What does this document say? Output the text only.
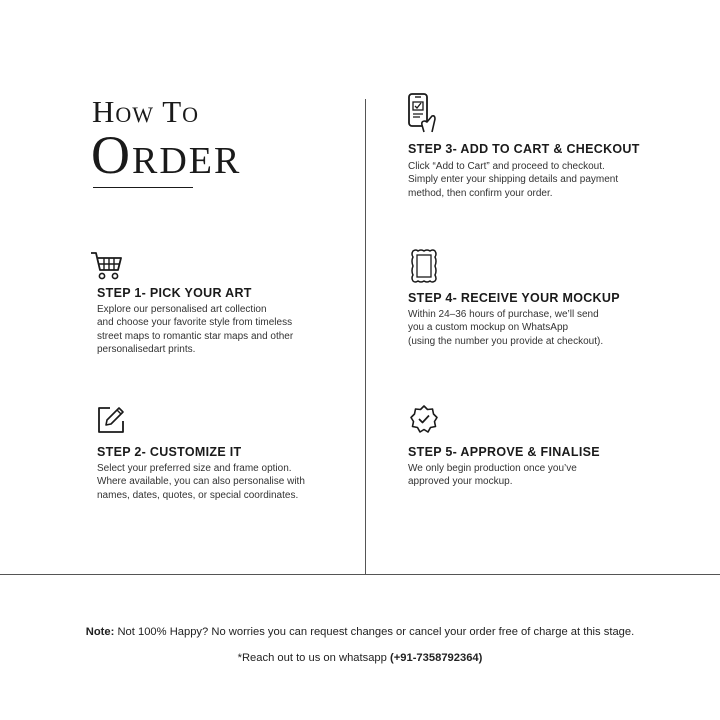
How To
Order
STEP 1- PICK YOUR ART
Explore our personalised art collection
and choose your favorite style from timeless
street maps to romantic star maps and other
personalisedart prints.
STEP 2- CUSTOMIZE IT
Select your preferred size and frame option.
Where available, you can also personalise with
names, dates, quotes, or special coordinates.
STEP 3- ADD TO CART & CHECKOUT
Click “Add to Cart” and proceed to checkout.
Simply enter your shipping details and payment
method, then confirm your order.
STEP 4- RECEIVE YOUR MOCKUP
Within 24–36 hours of purchase, we’ll send
you a custom mockup on WhatsApp
(using the number you provide at checkout).
STEP 5- APPROVE & FINALISE
We only begin production once you’ve
approved your mockup.
Note: Not 100% Happy? No worries you can request changes or cancel your order free of charge at this stage.
*Reach out to us on whatsapp (+91-7358792364)
